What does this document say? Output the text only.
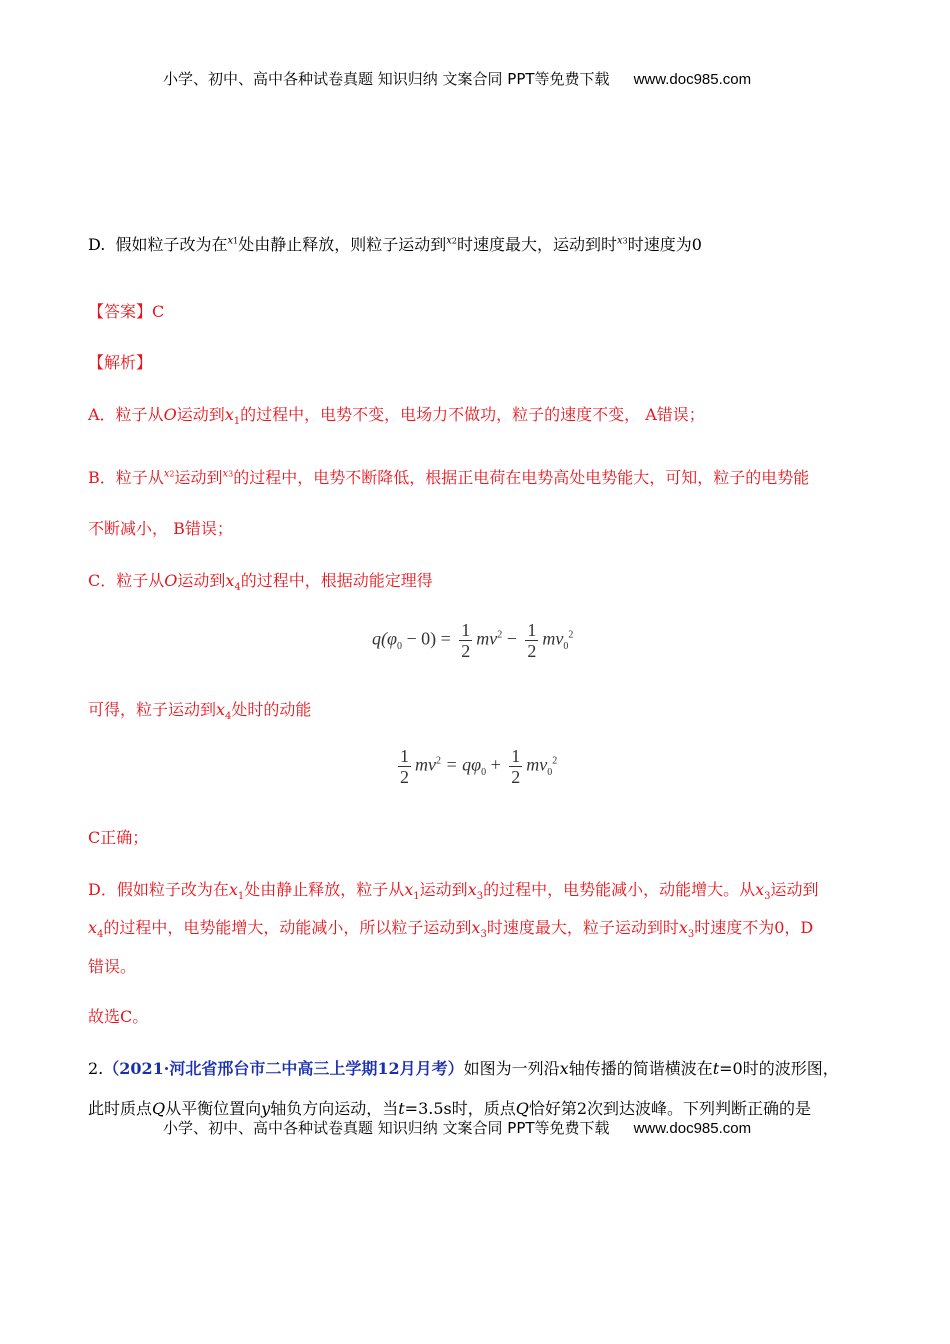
小学、初中、高中各种试卷真题 知识归纳 文案合同 PPT等免费下载 www.doc985.com
D. 假如粒子改为在$^{x1}$处由静止释放，则粒子运动到$^{x2}$时速度最大，运动到时$^{x3}$时速度为0
【答案】C
【解析】
A．粒子从O运动到$x_1$的过程中，电势不变，电场力不做功，粒子的速度不变， A错误；
B．粒子从$^{x2}$运动到$^{x3}$的过程中，电势不断降低，根据正电荷在电势高处电势能大，可知，粒子的电势能
不断减小， B错误；
C．粒子从O运动到$x_4$的过程中，根据动能定理得
$q(\varphi_0 - 0) = \frac{1}{2} mv^2 - \frac{1}{2} mv_0^2$
可得，粒子运动到$x_4$处时的动能
$\frac{1}{2} mv^2 = q\varphi_0 + \frac{1}{2} mv_0^2$
C正确；
D．假如粒子改为在$x_1$处由静止释放，粒子从$x_1$运动到$x_3$的过程中，电势能减小，动能增大。从$x_3$运动到
$x_4$的过程中，电势能增大，动能减小，所以粒子运动到$x_3$时速度最大，粒子运动到时$x_3$时速度不为0，D
错误。
故选C。
2.（2021·河北省邢台市二中高三上学期12月月考）如图为一列沿x轴传播的简谐横波在t=0时的波形图，
此时质点Q从平衡位置向y轴负方向运动，当t=3.5s时，质点Q恰好第2次到达波峰。下列判断正确的是
小学、初中、高中各种试卷真题 知识归纳 文案合同 PPT等免费下载 www.doc985.com
